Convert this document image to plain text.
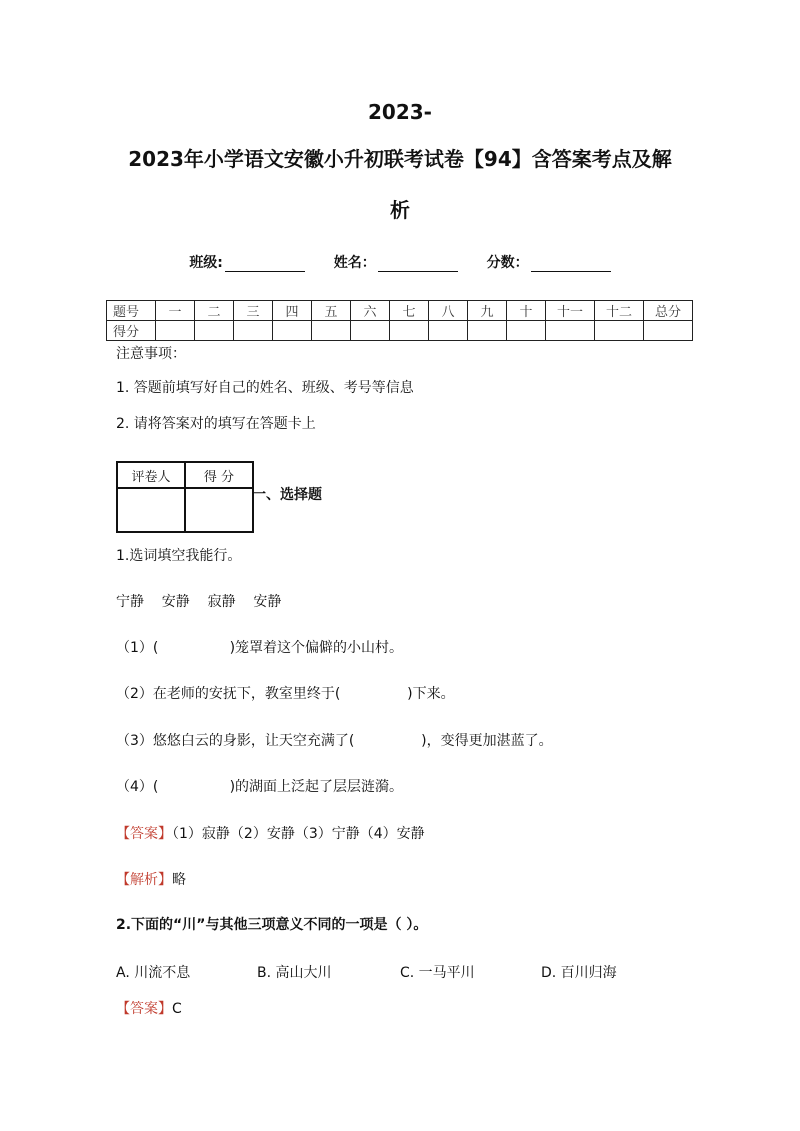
2023-
2023年小学语文安徽小升初联考试卷【94】含答案考点及解
析
班级:	姓名：	分数：
题号	一	二	三	四	五	六	七	八	九	十	十一	十二	总分
得分													
注意事项：
1. 答题前填写好自己的姓名、班级、考号等信息
2. 请将答案对的填写在答题卡上
评卷人	得 分

一、选择题
1.选词填空我能行。
宁静    安静    寂静    安静
（1）(                )笼罩着这个偏僻的小山村。
（2）在老师的安抚下，教室里终于(               )下来。
（3）悠悠白云的身影，让天空充满了(               )，变得更加湛蓝了。
（4）(                )的湖面上泛起了层层涟漪。
【答案】（1）寂静（2）安静（3）宁静（4）安静
【解析】略
2.下面的“川”与其他三项意义不同的一项是（ ）。
A. 川流不息	B. 高山大川	C. 一马平川	D. 百川归海
【答案】C
